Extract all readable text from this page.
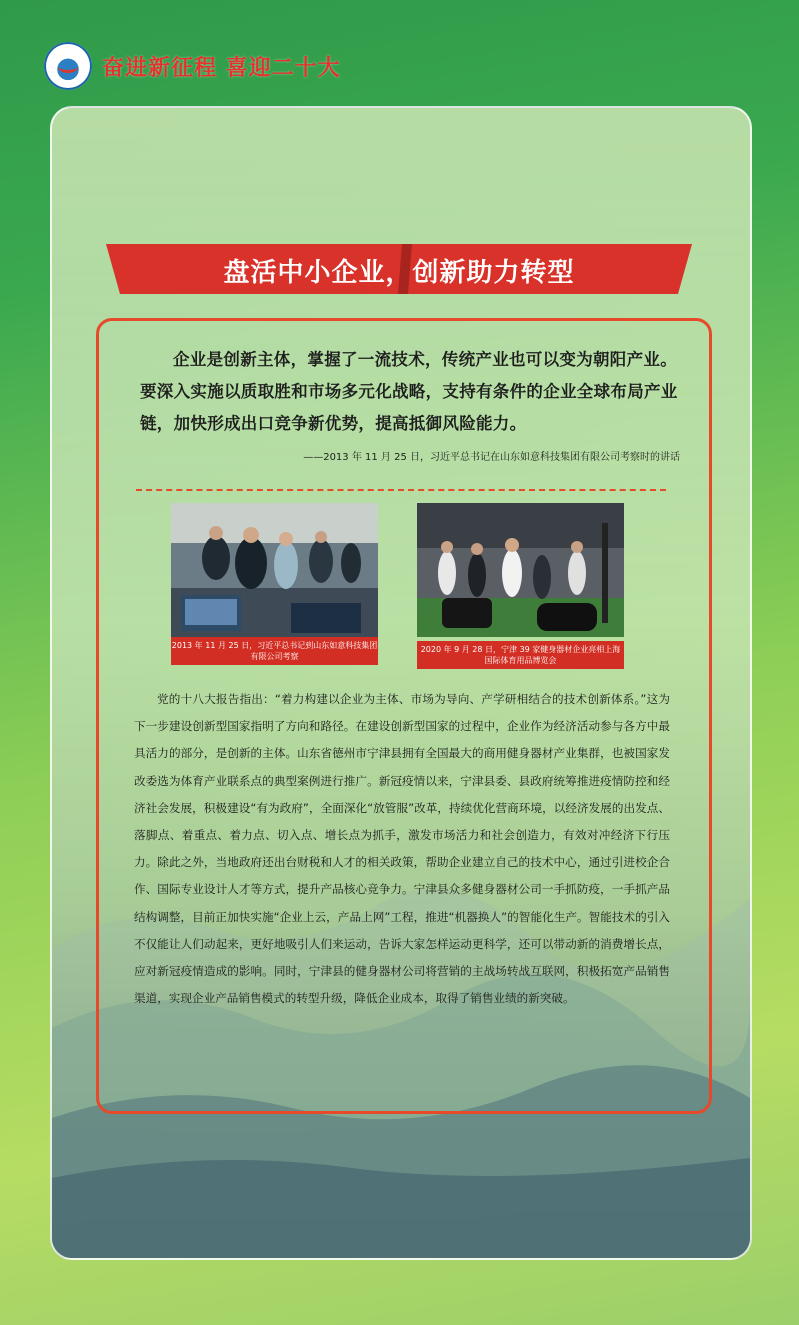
奋进新征程 喜迎二十大
盘活中小企业，创新助力转型
企业是创新主体，掌握了一流技术，传统产业也可以变为朝阳产业。要深入实施以质取胜和市场多元化战略，支持有条件的企业全球布局产业链，加快形成出口竞争新优势，提高抵御风险能力。
——2013 年 11 月 25 日，习近平总书记在山东如意科技集团有限公司考察时的讲话
2013 年 11 月 25 日，习近平总书记到山东如意科技集团有限公司考察
2020 年 9 月 28 日，宁津 39 家健身器材企业亮相上海国际体育用品博览会
党的十八大报告指出：“着力构建以企业为主体、市场为导向、产学研相结合的技术创新体系。”这为下一步建设创新型国家指明了方向和路径。在建设创新型国家的过程中，企业作为经济活动参与各方中最具活力的部分，是创新的主体。山东省德州市宁津县拥有全国最大的商用健身器材产业集群，也被国家发改委选为体育产业联系点的典型案例进行推广。新冠疫情以来，宁津县委、县政府统筹推进疫情防控和经济社会发展，积极建设“有为政府”，全面深化“放管服”改革，持续优化营商环境，以经济发展的出发点、落脚点、着重点、着力点、切入点、增长点为抓手，激发市场活力和社会创造力，有效对冲经济下行压力。除此之外，当地政府还出台财税和人才的相关政策，帮助企业建立自己的技术中心，通过引进校企合作、国际专业设计人才等方式，提升产品核心竞争力。宁津县众多健身器材公司一手抓防疫，一手抓产品结构调整，目前正加快实施“企业上云，产品上网”工程，推进“机器换人”的智能化生产。智能技术的引入不仅能让人们动起来，更好地吸引人们来运动，告诉大家怎样运动更科学，还可以带动新的消费增长点，应对新冠疫情造成的影响。同时，宁津县的健身器材公司将营销的主战场转战互联网，积极拓宽产品销售渠道，实现企业产品销售模式的转型升级，降低企业成本，取得了销售业绩的新突破。
